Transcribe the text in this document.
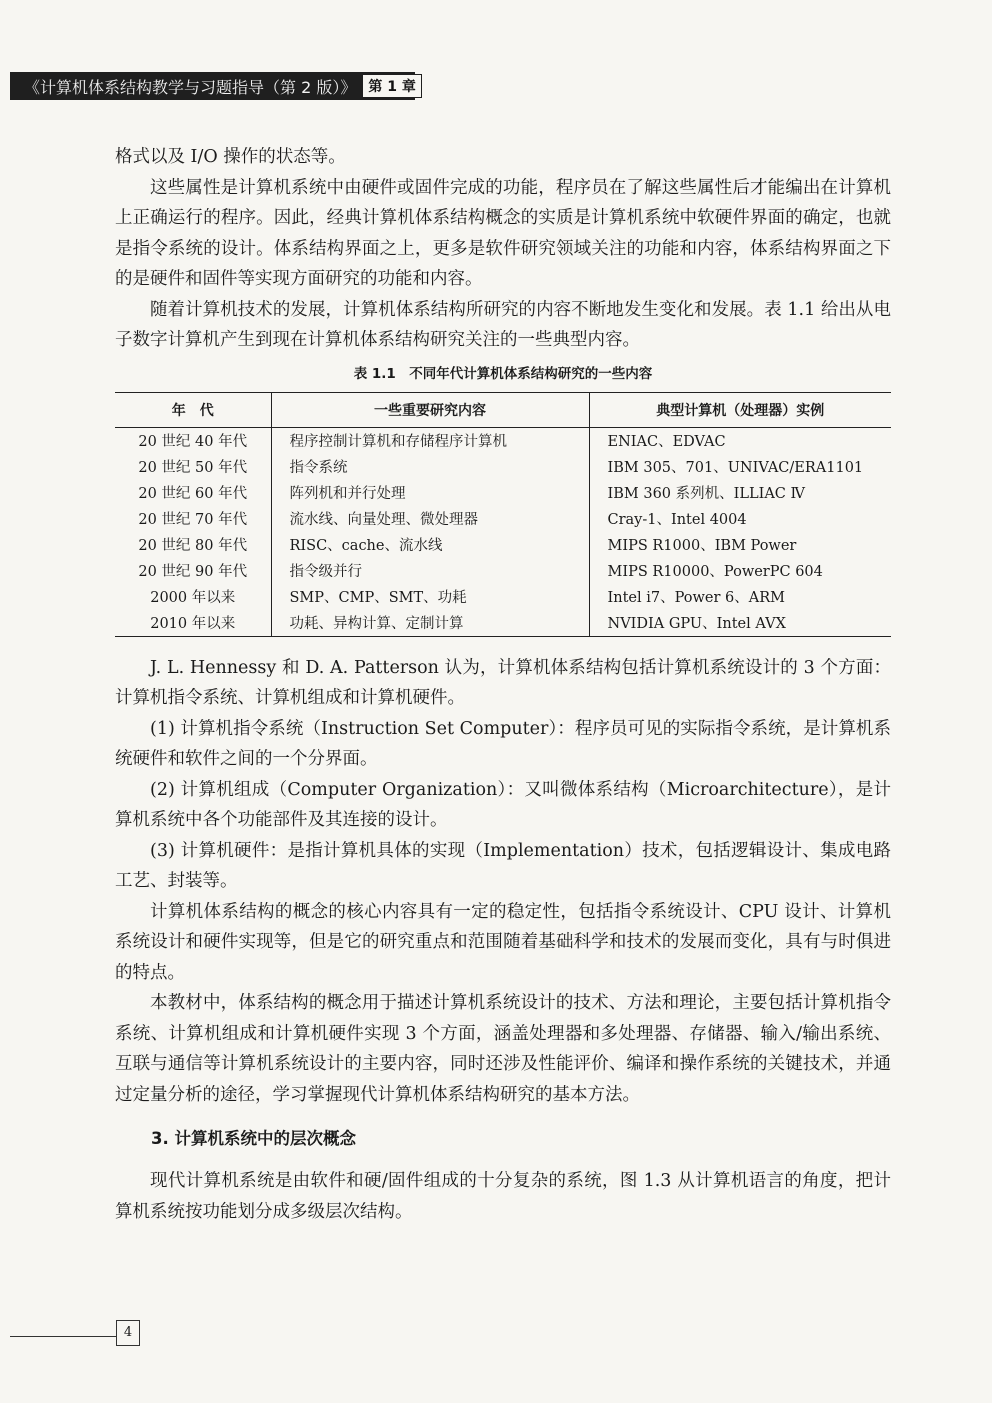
《计算机体系结构教学与习题指导（第 2 版）》 第 1 章

格式以及 I/O 操作的状态等。

这些属性是计算机系统中由硬件或固件完成的功能，程序员在了解这些属性后才能编出在计算机上正确运行的程序。因此，经典计算机体系结构概念的实质是计算机系统中软硬件界面的确定，也就是指令系统的设计。体系结构界面之上，更多是软件研究领域关注的功能和内容，体系结构界面之下的是硬件和固件等实现方面研究的功能和内容。

随着计算机技术的发展，计算机体系结构所研究的内容不断地发生变化和发展。表 1.1 给出从电子数字计算机产生到现在计算机体系结构研究关注的一些典型内容。

表 1.1　不同年代计算机体系结构研究的一些内容
年　代	一些重要研究内容	典型计算机（处理器）实例
20 世纪 40 年代	程序控制计算机和存储程序计算机	ENIAC、EDVAC
20 世纪 50 年代	指令系统	IBM 305、701、UNIVAC/ERA1101
20 世纪 60 年代	阵列机和并行处理	IBM 360 系列机、ILLIAC Ⅳ
20 世纪 70 年代	流水线、向量处理、微处理器	Cray-1、Intel 4004
20 世纪 80 年代	RISC、cache、流水线	MIPS R1000、IBM Power
20 世纪 90 年代	指令级并行	MIPS R10000、PowerPC 604
2000 年以来	SMP、CMP、SMT、功耗	Intel i7、Power 6、ARM
2010 年以来	功耗、异构计算、定制计算	NVIDIA GPU、Intel AVX

J. L. Hennessy 和 D. A. Patterson 认为，计算机体系结构包括计算机系统设计的 3 个方面：计算机指令系统、计算机组成和计算机硬件。

(1) 计算机指令系统（Instruction Set Computer）：程序员可见的实际指令系统，是计算机系统硬件和软件之间的一个分界面。

(2) 计算机组成（Computer Organization）：又叫微体系结构（Microarchitecture），是计算机系统中各个功能部件及其连接的设计。

(3) 计算机硬件：是指计算机具体的实现（Implementation）技术，包括逻辑设计、集成电路工艺、封装等。

计算机体系结构的概念的核心内容具有一定的稳定性，包括指令系统设计、CPU 设计、计算机系统设计和硬件实现等，但是它的研究重点和范围随着基础科学和技术的发展而变化，具有与时俱进的特点。

本教材中，体系结构的概念用于描述计算机系统设计的技术、方法和理论，主要包括计算机指令系统、计算机组成和计算机硬件实现 3 个方面，涵盖处理器和多处理器、存储器、输入/输出系统、互联与通信等计算机系统设计的主要内容，同时还涉及性能评价、编译和操作系统的关键技术，并通过定量分析的途径，学习掌握现代计算机体系结构研究的基本方法。

3. 计算机系统中的层次概念

现代计算机系统是由软件和硬/固件组成的十分复杂的系统，图 1.3 从计算机语言的角度，把计算机系统按功能划分成多级层次结构。

4
